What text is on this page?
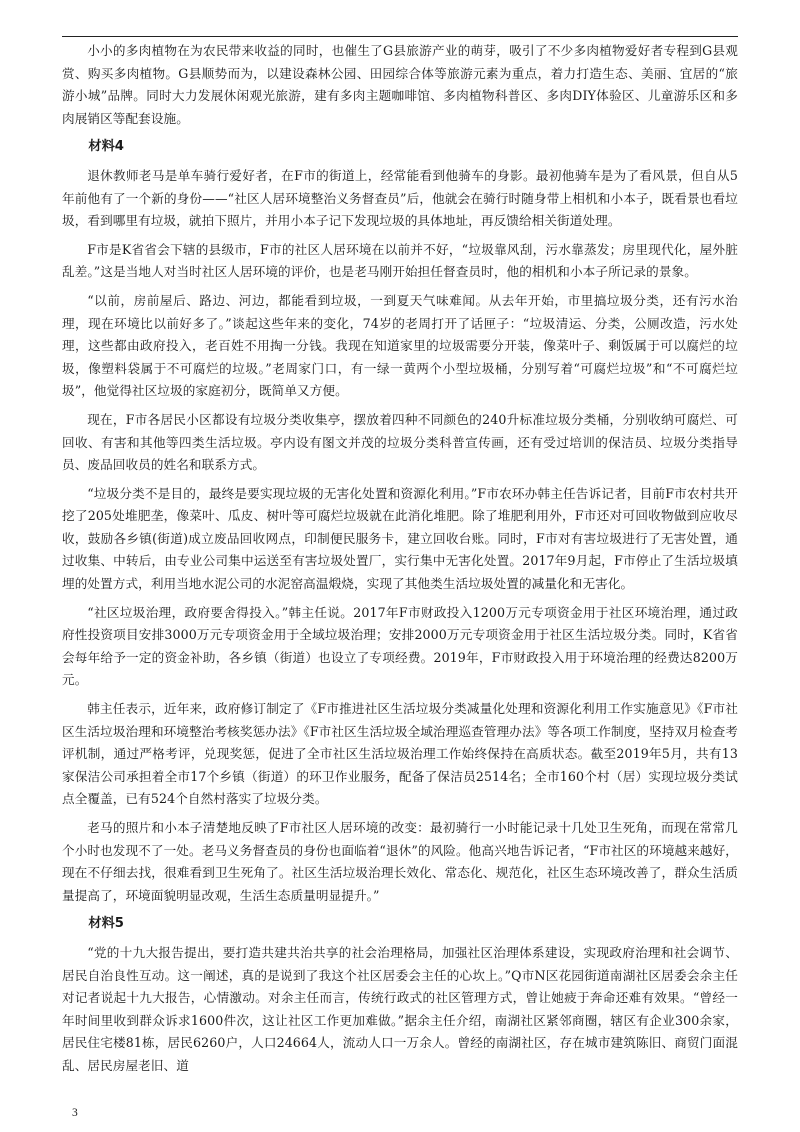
小小的多肉植物在为农民带来收益的同时，也催生了G县旅游产业的萌芽，吸引了不少多肉植物爱好者专程到G县观赏、购买多肉植物。G县顺势而为，以建设森林公园、田园综合体等旅游元素为重点，着力打造生态、美丽、宜居的“旅游小城”品牌。同时大力发展休闲观光旅游，建有多肉主题咖啡馆、多肉植物科普区、多肉DIY体验区、儿童游乐区和多肉展销区等配套设施。

材料4

退休教师老马是单车骑行爱好者，在F市的街道上，经常能看到他骑车的身影。最初他骑车是为了看风景，但自从5年前他有了一个新的身份——“社区人居环境整治义务督查员”后，他就会在骑行时随身带上相机和小本子，既看景也看垃圾，看到哪里有垃圾，就拍下照片，并用小本子记下发现垃圾的具体地址，再反馈给相关街道处理。

F市是K省省会下辖的县级市，F市的社区人居环境在以前并不好，“垃圾靠风刮，污水靠蒸发；房里现代化，屋外脏乱差。”这是当地人对当时社区人居环境的评价，也是老马刚开始担任督查员时，他的相机和小本子所记录的景象。

“以前，房前屋后、路边、河边，都能看到垃圾，一到夏天气味难闻。从去年开始，市里搞垃圾分类，还有污水治理，现在环境比以前好多了。”谈起这些年来的变化，74岁的老周打开了话匣子：“垃圾清运、分类，公厕改造，污水处理，这些都由政府投入，老百姓不用掏一分钱。我现在知道家里的垃圾需要分开装，像菜叶子、剩饭属于可以腐烂的垃圾，像塑料袋属于不可腐烂的垃圾。”老周家门口，有一绿一黄两个小型垃圾桶，分别写着“可腐烂垃圾”和“不可腐烂垃圾”，他觉得社区垃圾的家庭初分，既简单又方便。

现在，F市各居民小区都设有垃圾分类收集亭，摆放着四种不同颜色的240升标准垃圾分类桶，分别收纳可腐烂、可回收、有害和其他等四类生活垃圾。亭内设有图文并茂的垃圾分类科普宣传画，还有受过培训的保洁员、垃圾分类指导员、废品回收员的姓名和联系方式。

“垃圾分类不是目的，最终是要实现垃圾的无害化处置和资源化利用。”F市农环办韩主任告诉记者，目前F市农村共开挖了205处堆肥垄，像菜叶、瓜皮、树叶等可腐烂垃圾就在此消化堆肥。除了堆肥利用外，F市还对可回收物做到应收尽收，鼓励各乡镇(街道)成立废品回收网点，印制便民服务卡，建立回收台账。同时，F市对有害垃圾进行了无害处置，通过收集、中转后，由专业公司集中运送至有害垃圾处置厂，实行集中无害化处置。2017年9月起，F市停止了生活垃圾填埋的处置方式，利用当地水泥公司的水泥窑高温煅烧，实现了其他类生活垃圾处置的减量化和无害化。

“社区垃圾治理，政府要舍得投入。”韩主任说。2017年F市财政投入1200万元专项资金用于社区环境治理，通过政府性投资项目安排3000万元专项资金用于全域垃圾治理；安排2000万元专项资金用于社区生活垃圾分类。同时，K省省会每年给予一定的资金补助，各乡镇（街道）也设立了专项经费。2019年，F市财政投入用于环境治理的经费达8200万元。

韩主任表示，近年来，政府修订制定了《F市推进社区生活垃圾分类减量化处理和资源化利用工作实施意见》《F市社区生活垃圾治理和环境整治考核奖惩办法》《F市社区生活垃圾全域治理巡查管理办法》等各项工作制度，坚持双月检查考评机制，通过严格考评，兑现奖惩，促进了全市社区生活垃圾治理工作始终保持在高质状态。截至2019年5月，共有13家保洁公司承担着全市17个乡镇（街道）的环卫作业服务，配备了保洁员2514名；全市160个村（居）实现垃圾分类试点全覆盖，已有524个自然村落实了垃圾分类。

老马的照片和小本子清楚地反映了F市社区人居环境的改变：最初骑行一小时能记录十几处卫生死角，而现在常常几个小时也发现不了一处。老马义务督查员的身份也面临着“退休”的风险。他高兴地告诉记者，“F市社区的环境越来越好，现在不仔细去找，很难看到卫生死角了。社区生活垃圾治理长效化、常态化、规范化，社区生态环境改善了，群众生活质量提高了，环境面貌明显改观，生活生态质量明显提升。”

材料5

“党的十九大报告提出，要打造共建共治共享的社会治理格局，加强社区治理体系建设，实现政府治理和社会调节、居民自治良性互动。这一阐述，真的是说到了我这个社区居委会主任的心坎上。”Q市N区花园街道南湖社区居委会余主任对记者说起十九大报告，心情激动。对余主任而言，传统行政式的社区管理方式，曾让她疲于奔命还难有效果。“曾经一年时间里收到群众诉求1600件次，这让社区工作更加难做。”据余主任介绍，南湖社区紧邻商圈，辖区有企业300余家，居民住宅楼81栋，居民6260户，人口24664人，流动人口一万余人。曾经的南湖社区，存在城市建筑陈旧、商贸门面混乱、居民房屋老旧、道

3
